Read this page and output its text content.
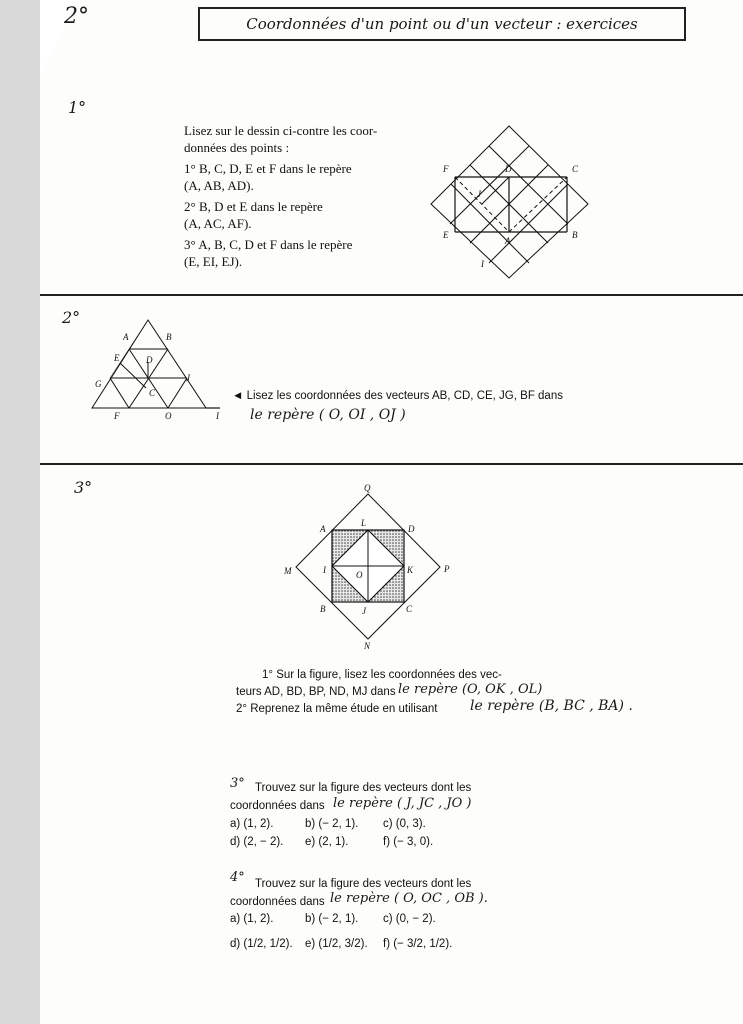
2°	Coordonnées d'un point ou d'un vecteur : exercices
1°
Lisez sur le dessin ci-contre les coor-
données des points :
1° B, C, D, E et F dans le repère
(A, AB, AD).
2° B, D et E dans le repère
(A, AC, AF).
3° A, B, C, D et F dans le repère
(E, EI, EJ).
F	D	C
J
E
A
B
I
2°
A	B
E	D
G
C
J
F	O	I
◄ Lisez les coordonnées des vecteurs AB, CD, CE, JG, BF dans
le repère ( O, OI , OJ )
3°	Q
A
L
D
M	I	O	K	P
B	J	C
N
1° Sur la figure, lisez les coordonnées des vec-
teurs AD, BD, BP, ND, MJ dans le repère (O, OK , OL)
2° Reprenez la même étude en utilisant le repère (B, BC , BA) .
3° Trouvez sur la figure des vecteurs dont les
coordonnées dans le repère ( J, JC , JO )
a) (1, 2).	b) (− 2, 1). c) (0, 3).
d) (2, − 2). e) (2, 1).	f) (− 3, 0).
4° Trouvez sur la figure des vecteurs dont les
coordonnées dans le repère ( O, OC , OB ).
a) (1, 2).	b) (− 2, 1). c) (0, − 2).
d) (1/2, 1/2). e) (1/2, 3/2). f) (− 3/2, 1/2).
